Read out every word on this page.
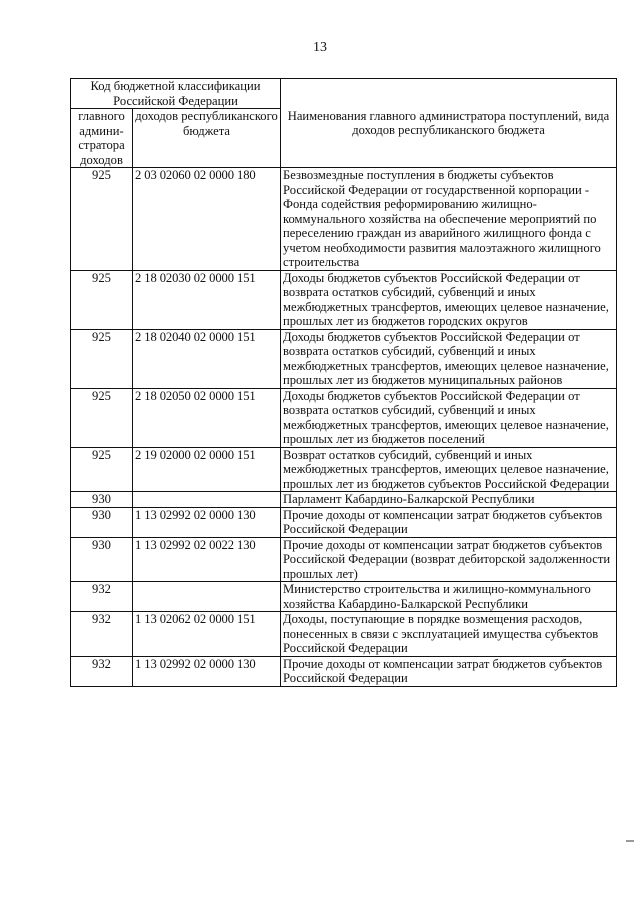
13
Код бюджетной классификации Российской Федерации		Наименования главного администратора поступлений, вида доходов республиканского бюджета
главного админи-стратора доходов	доходов республиканского бюджета	
925	2 03 02060 02 0000 180	Безвозмездные поступления в бюджеты субъектов Российской Федерации от государственной корпорации - Фонда содействия реформированию жилищно-коммунального хозяйства на обеспечение мероприятий по переселению граждан из аварийного жилищного фонда с учетом необходимости развития малоэтажного жилищного строительства
925	2 18 02030 02 0000 151	Доходы бюджетов субъектов Российской Федерации от возврата остатков субсидий, субвенций и иных межбюджетных трансфертов, имеющих целевое назначение, прошлых лет из бюджетов городских округов
925	2 18 02040 02 0000 151	Доходы бюджетов субъектов Российской Федерации от возврата остатков субсидий, субвенций и иных межбюджетных трансфертов, имеющих целевое назначение, прошлых лет из бюджетов муниципальных районов
925	2 18 02050 02 0000 151	Доходы бюджетов субъектов Российской Федерации от возврата остатков субсидий, субвенций и иных межбюджетных трансфертов, имеющих целевое назначение, прошлых лет из бюджетов поселений
925	2 19 02000 02 0000 151	Возврат остатков субсидий, субвенций и иных межбюджетных трансфертов, имеющих целевое назначение, прошлых лет из бюджетов субъектов Российской Федерации
930		Парламент Кабардино-Балкарской Республики
930	1 13 02992 02 0000 130	Прочие доходы от компенсации затрат бюджетов субъектов Российской Федерации
930	1 13 02992 02 0022 130	Прочие доходы от компенсации затрат бюджетов субъектов Российской Федерации (возврат дебиторской задолженности прошлых лет)
932		Министерство строительства и жилищно-коммунального хозяйства Кабардино-Балкарской Республики
932	1 13 02062 02 0000 151	Доходы, поступающие в порядке возмещения расходов, понесенных в связи с эксплуатацией имущества субъектов Российской Федерации
932	1 13 02992 02 0000 130	Прочие доходы от компенсации затрат бюджетов субъектов Российской Федерации
